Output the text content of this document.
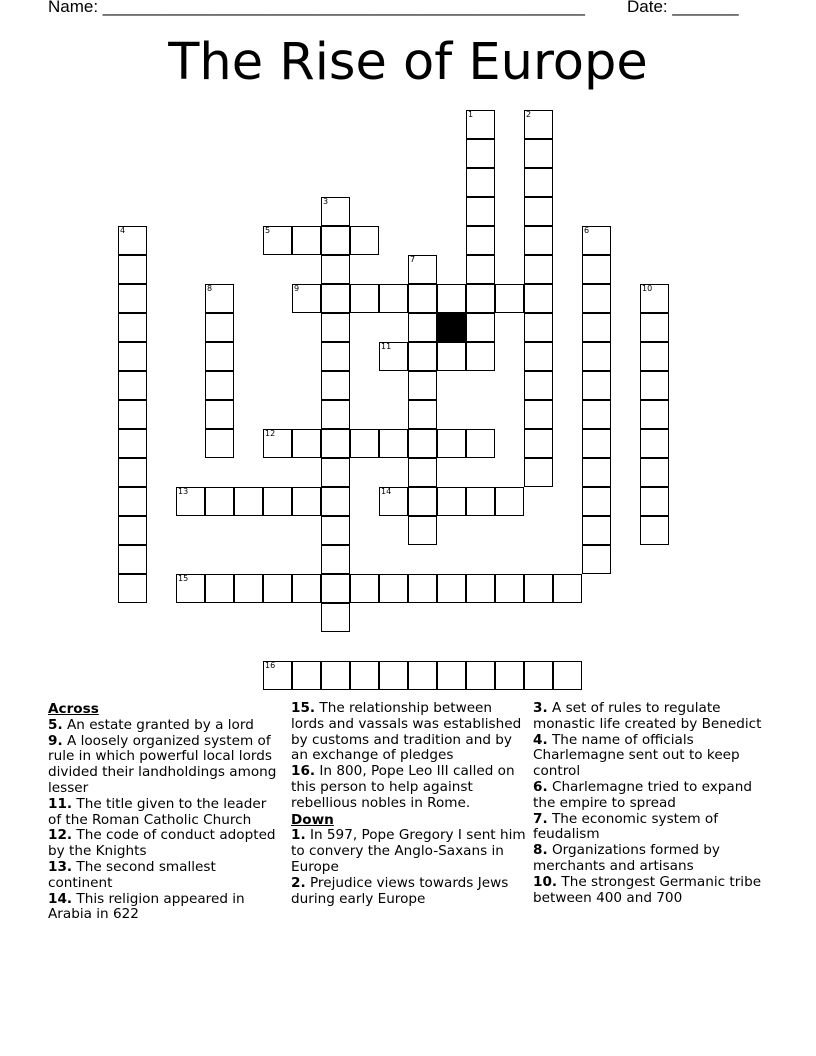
Name: ___________________________________________________ Date: _______
The Rise of Europe
5
9
11
12
13	14
15
16
1	2
3
4	6
7
8	10
Across

5. An estate granted by a lord

9. A loosely organized system of rule in which powerful local lords divided their landholdings among lesser

11. The title given to the leader of the Roman Catholic Church

12. The code of conduct adopted by the Knights

13. The second smallest continent

14. This religion appeared in Arabia in 622

15. The relationship between lords and vassals was established by customs and tradition and by an exchange of pledges

16. In 800, Pope Leo III called on this person to help against rebellious nobles in Rome.

Down

1. In 597, Pope Gregory I sent him to convery the Anglo-Saxans in Europe

2. Prejudice views towards Jews during early Europe

3. A set of rules to regulate monastic life created by Benedict

4. The name of officials Charlemagne sent out to keep control

6. Charlemagne tried to expand the empire to spread

7. The economic system of feudalism

8. Organizations formed by merchants and artisans

10. The strongest Germanic tribe between 400 and 700
